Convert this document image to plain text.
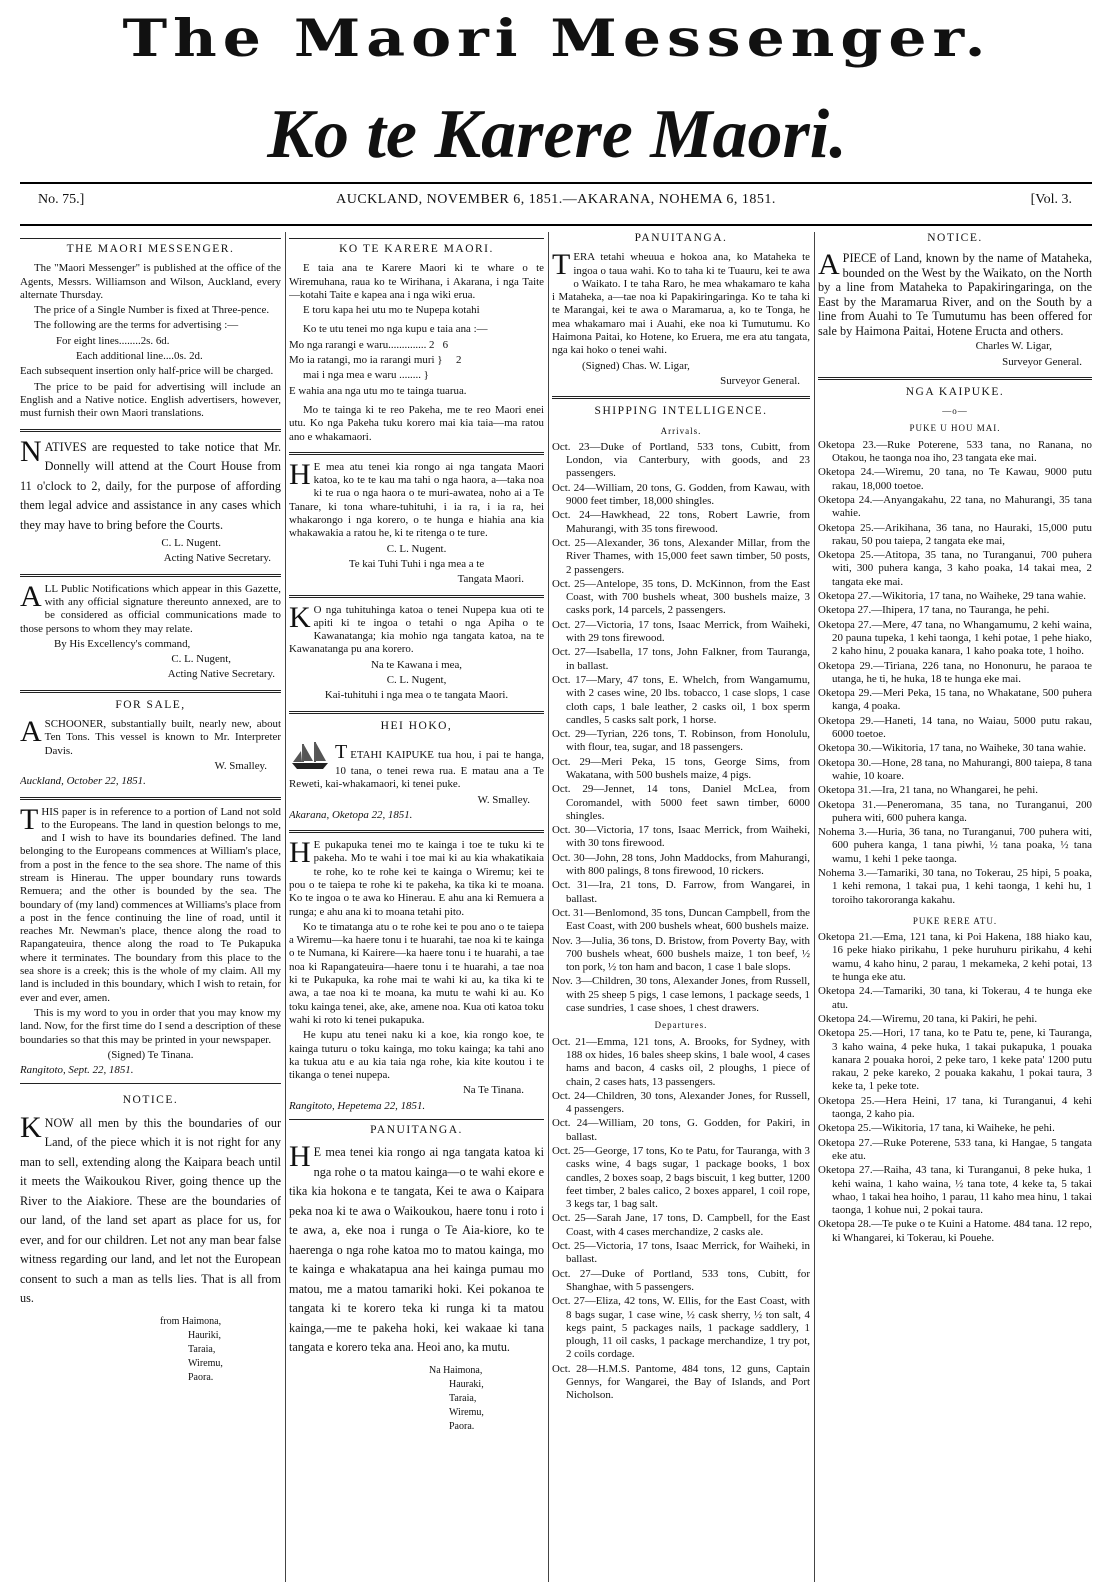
The Maori Messenger.
Ko te Karere Maori.
No. 75.]	AUCKLAND, NOVEMBER 6, 1851.—AKARANA, NOHEMA 6, 1851.	[Vol. 3.
THE MAORI MESSENGER.

The "Maori Messenger" is published at the office of the Agents, Messrs. Williamson and Wilson, Auckland, every alternate Thursday.

The price of a Single Number is fixed at Three-pence.

The following are the terms for advertising :—

For eight lines........2s. 6d.

Each additional line....0s. 2d.

Each subsequent insertion only half-price will be charged.

The price to be paid for advertising will include an English and a Native notice. English advertisers, however, must furnish their own Maori translations.

NATIVES are requested to take notice that Mr. Donnelly will attend at the Court House from 11 o'clock to 2, daily, for the purpose of affording them legal advice and assistance in any cases which they may have to bring before the Courts.

C. L. Nugent.

Acting Native Secretary.

ALL Public Notifications which appear in this Gazette, with any official signature thereunto annexed, are to be considered as official communications made to those persons to whom they may relate.

By His Excellency's command,

C. L. Nugent,

Acting Native Secretary.

FOR SALE,

ASCHOONER, substantially built, nearly new, about Ten Tons. This vessel is known to Mr. Interpreter Davis.

W. Smalley.

Auckland, October 22, 1851.

THIS paper is in reference to a portion of Land not sold to the Europeans. The land in question belongs to me, and I wish to have its boundaries defined. The land belonging to the Europeans commences at William's place, from a post in the fence to the sea shore. The name of this stream is Hinerau. The upper boundary runs towards Remuera; and the other is bounded by the sea. The boundary of (my land) commences at Williams's place from a post in the fence continuing the line of road, until it reaches Mr. Newman's place, thence along the road to Rapangateuira, thence along the road to Te Pukapuka where it terminates. The boundary from this place to the sea shore is a creek; this is the whole of my claim. All my land is included in this boundary, which I wish to retain, for ever and ever, amen.

This is my word to you in order that you may know my land. Now, for the first time do I send a description of these boundaries so that this may be printed in your newspaper.

(Signed) Te Tinana.

Rangitoto, Sept. 22, 1851.

NOTICE.

KNOW all men by this the boundaries of our Land, of the piece which it is not right for any man to sell, extending along the Kaipara beach until it meets the Waikoukou River, going thence up the River to the Aiakiore. These are the boundaries of our land, of the land set apart as place for us, for ever, and for our children. Let not any man bear false witness regarding our land, and let not the European consent to such a man as tells lies. That is all from us.

from Haimona,
Hauriki,
Taraia,
Wiremu,
Paora.
KO TE KARERE MAORI.

E taia ana te Karere Maori ki te whare o te Wiremuhana, raua ko te Wirihana, i Akarana, i nga Taite—kotahi Taite e kapea ana i nga wiki erua.

E toru kapa hei utu mo te Nupepa kotahi

Ko te utu tenei mo nga kupu e taia ana :—

Mo nga rarangi e waru.............. 2   6

Mo ia ratangi, mo ia rarangi muri }     2

mai i nga mea e waru ........ }

E wahia ana nga utu mo te tainga tuarua.

Mo te tainga ki te reo Pakeha, me te reo Maori enei utu. Ko nga Pakeha tuku korero mai kia taia—ma ratou ano e whakamaori.

H E mea atu tenei kia rongo ai nga tangata Maori katoa, ko te te kau ma tahi o nga haora, a—taka noa ki te rua o nga haora o te muri-awatea, noho ai a Te Tanare, ki tona whare-tuhituhi, i ia ra, i ia ra, hei whakarongo i nga korero, o te hunga e hiahia ana kia whakawakia a ratou he, ki te ritenga o te ture.

C. L. Nugent.

Te kai Tuhi Tuhi i nga mea a te

Tangata Maori.

K O nga tuhituhinga katoa o tenei Nupepa kua oti te apiti ki te ingoa o tetahi o nga Apiha o te Kawanatanga; kia mohio nga tangata katoa, na te Kawanatanga pu ana korero.

Na te Kawana i mea,

C. L. Nugent,

Kai-tuhituhi i nga mea o te tangata Maori.

HEI HOKO,

TETAHI KAIPUKE tua hou, i pai te hanga, 10 tana, o tenei rewa rua. E matau ana a Te Reweti, kai-whakamaori, ki tenei puke.

W. Smalley.

Akarana, Oketopa 22, 1851.

H E pukapuka tenei mo te kainga i toe te tuku ki te pakeha. Mo te wahi i toe mai ki au kia whakatikaia te rohe, ko te rohe kei te kainga o Wiremu; kei te pou o te taiepa te rohe ki te pakeha, ka tika ki te moana. Ko te ingoa o te awa ko Hinerau. E ahu ana ki Remuera a runga; e ahu ana ki to moana tetahi pito.

Ko te timatanga atu o te rohe kei te pou ano o te taiepa a Wiremu—ka haere tonu i te huarahi, tae noa ki te kainga o te Numana, ki Kairere—ka haere tonu i te huarahi, a tae noa ki Rapangateuira—haere tonu i te huarahi, a tae noa ki te Pukapuka, ka rohe mai te wahi ki au, ka tika ki te awa, a tae noa ki te moana, ka mutu te wahi ki au. Ko toku kainga tenei, ake, ake, amene noa. Kua oti katoa toku wahi ki roto ki tenei pukapuka.

He kupu atu tenei naku ki a koe, kia rongo koe, te kainga tuturu o toku kainga, mo toku kainga; ka tahi ano ka tukua atu e au kia taia nga rohe, kia kite koutou i te tikanga o tenei nupepa.

Na Te Tinana.

Rangitoto, Hepetema 22, 1851.

PANUITANGA.

H E mea tenei kia rongo ai nga tangata katoa ki nga rohe o ta matou kainga—o te wahi ekore e tika kia hokona e te tangata, Kei te awa o Kaipara peka noa ki te awa o Waikoukou, haere tonu i roto i te awa, a, eke noa i runga o Te Aia-kiore, ko te haerenga o nga rohe katoa mo to matou kainga, mo te kainga e whakatapua ana hei kainga pumau mo matou, me a matou tamariki hoki. Kei pokanoa te tangata ki te korero teka ki runga ki ta matou kainga,—me te pakeha hoki, kei wakaae ki tana tangata e korero teka ana. Heoi ano, ka mutu.

Na Haimona,
Hauraki,
Taraia,
Wiremu,
Paora.
PANUITANGA.

TERA tetahi wheuua e hokoa ana, ko Mataheka te ingoa o taua wahi. Ko to taha ki te Tuauru, kei te awa o Waikato. I te taha Raro, he mea whakamaro te kaha i Mataheka, a—tae noa ki Papakiringaringa. Ko te taha ki te Marangai, kei te awa o Maramarua, a, ko te Tonga, he mea whakamaro mai i Auahi, eke noa ki Tumutumu. Ko Haimona Paitai, ko Hotene, ko Eruera, me era atu tangata, nga kai hoko o tenei wahi.

(Signed) Chas. W. Ligar,

Surveyor General.

SHIPPING INTELLIGENCE.
Arrivals.

Oct. 23—Duke of Portland, 533 tons, Cubitt, from London, via Canterbury, with goods, and 23 passengers.

Oct. 24—William, 20 tons, G. Godden, from Kawau, with 9000 feet timber, 18,000 shingles.

Oct. 24—Hawkhead, 22 tons, Robert Lawrie, from Mahurangi, with 35 tons firewood.

Oct. 25—Alexander, 36 tons, Alexander Millar, from the River Thames, with 15,000 feet sawn timber, 50 posts, 2 passengers.

Oct. 25—Antelope, 35 tons, D. McKinnon, from the East Coast, with 700 bushels wheat, 300 bushels maize, 3 casks pork, 14 parcels, 2 passengers.

Oct. 27—Victoria, 17 tons, Isaac Merrick, from Waiheki, with 29 tons firewood.

Oct. 27—Isabella, 17 tons, John Falkner, from Tauranga, in ballast.

Oct. 17—Mary, 47 tons, E. Whelch, from Wangamumu, with 2 cases wine, 20 lbs. tobacco, 1 case slops, 1 case cloth caps, 1 bale leather, 2 casks oil, 1 box sperm candles, 5 casks salt pork, 1 horse.

Oct. 29—Tyrian, 226 tons, T. Robinson, from Honolulu, with flour, tea, sugar, and 18 passengers.

Oct. 29—Meri Peka, 15 tons, George Sims, from Wakatana, with 500 bushels maize, 4 pigs.

Oct. 29—Jennet, 14 tons, Daniel McLea, from Coromandel, with 5000 feet sawn timber, 6000 shingles.

Oct. 30—Victoria, 17 tons, Isaac Merrick, from Waiheki, with 30 tons firewood.

Oct. 30—John, 28 tons, John Maddocks, from Mahurangi, with 800 palings, 8 tons firewood, 10 rickers.

Oct. 31—Ira, 21 tons, D. Farrow, from Wangarei, in ballast.

Oct. 31—Benlomond, 35 tons, Duncan Campbell, from the East Coast, with 200 bushels wheat, 600 bushels maize.

Nov. 3—Julia, 36 tons, D. Bristow, from Poverty Bay, with 700 bushels wheat, 600 bushels maize, 1 ton beef, ½ ton pork, ½ ton ham and bacon, 1 case 1 bale slops.

Nov. 3—Children, 30 tons, Alexander Jones, from Russell, with 25 sheep 5 pigs, 1 case lemons, 1 package seeds, 1 case sundries, 1 case shoes, 1 chest drawers.

Departures.

Oct. 21—Emma, 121 tons, A. Brooks, for Sydney, with 188 ox hides, 16 bales sheep skins, 1 bale wool, 4 cases hams and bacon, 4 casks oil, 2 ploughs, 1 piece of chain, 2 cases hats, 13 passengers.

Oct. 24—Children, 30 tons, Alexander Jones, for Russell, 4 passengers.

Oct. 24—William, 20 tons, G. Godden, for Pakiri, in ballast.

Oct. 25—George, 17 tons, Ko te Patu, for Tauranga, with 3 casks wine, 4 bags sugar, 1 package books, 1 box candles, 2 boxes soap, 2 bags biscuit, 1 keg butter, 1200 feet timber, 2 bales calico, 2 boxes apparel, 1 coil rope, 3 kegs tar, 1 bag salt.

Oct. 25—Sarah Jane, 17 tons, D. Campbell, for the East Coast, with 4 cases merchandize, 2 casks ale.

Oct. 25—Victoria, 17 tons, Isaac Merrick, for Waiheki, in ballast.

Oct. 27—Duke of Portland, 533 tons, Cubitt, for Shanghae, with 5 passengers.

Oct. 27—Eliza, 42 tons, W. Ellis, for the East Coast, with 8 bags sugar, 1 case wine, ½ cask sherry, ½ ton salt, 4 kegs paint, 5 packages nails, 1 package saddlery, 1 plough, 11 oil casks, 1 package merchandize, 1 try pot, 2 coils cordage.

Oct. 28—H.M.S. Pantome, 484 tons, 12 guns, Captain Gennys, for Wangarei, the Bay of Islands, and Port Nicholson.

NOTICE.

APIECE of Land, known by the name of Mataheka, bounded on the West by the Waikato, on the North by a line from Mataheka to Papakiringaringa, on the East by the Maramarua River, and on the South by a line from Auahi to Te Tumutumu has been offered for sale by Haimona Paitai, Hotene Eructa and others.

Charles W. Ligar,

Surveyor General.

NGA KAIPUKE.
—o—
PUKE U HOU MAI.

Oketopa 23.—Ruke Poterene, 533 tana, no Ranana, no Otakou, he taonga noa iho, 23 tangata eke mai.

Oketopa 24.—Wiremu, 20 tana, no Te Kawau, 9000 putu rakau, 18,000 toetoe.

Oketopa 24.—Anyangakahu, 22 tana, no Mahurangi, 35 tana wahie.

Oketopa 25.—Arikihana, 36 tana, no Hauraki, 15,000 putu rakau, 50 pou taiepa, 2 tangata eke mai,

Oketopa 25.—Atitopa, 35 tana, no Turanganui, 700 puhera witi, 300 puhera kanga, 3 kaho poaka, 14 takai mea, 2 tangata eke mai.

Oketopa 27.—Wikitoria, 17 tana, no Waiheke, 29 tana wahie.

Oketopa 27.—Ihipera, 17 tana, no Tauranga, he pehi.

Oketopa 27.—Mere, 47 tana, no Whangamumu, 2 kehi waina, 20 pauna tupeka, 1 kehi taonga, 1 kehi potae, 1 pehe hiako, 2 kaho hinu, 2 pouaka kanara, 1 kaho poaka tote, 1 hoiho.

Oketopa 29.—Tiriana, 226 tana, no Hononuru, he paraoa te utanga, he ti, he huka, 18 te hunga eke mai.

Oketopa 29.—Meri Peka, 15 tana, no Whakatane, 500 puhera kanga, 4 poaka.

Oketopa 29.—Haneti, 14 tana, no Waiau, 5000 putu rakau, 6000 toetoe.

Oketopa 30.—Wikitoria, 17 tana, no Waiheke, 30 tana wahie.

Oketopa 30.—Hone, 28 tana, no Mahurangi, 800 taiepa, 8 tana wahie, 10 koare.

Oketopa 31.—Ira, 21 tana, no Whangarei, he pehi.

Oketopa 31.—Peneromana, 35 tana, no Turanganui, 200 puhera witi, 600 puhera kanga.

Nohema 3.—Huria, 36 tana, no Turanganui, 700 puhera witi, 600 puhera kanga, 1 tana piwhi, ½ tana poaka, ½ tana wamu, 1 kehi 1 peke taonga.

Nohema 3.—Tamariki, 30 tana, no Tokerau, 25 hipi, 5 poaka, 1 kehi remona, 1 takai pua, 1 kehi taonga, 1 kehi hu, 1 toroiho takororanga kakahu.

PUKE RERE ATU.

Oketopa 21.—Ema, 121 tana, ki Poi Hakena, 188 hiako kau, 16 peke hiako pirikahu, 1 peke huruhuru pirikahu, 4 kehi wamu, 4 kaho hinu, 2 parau, 1 mekameka, 2 kehi potai, 13 te hunga eke atu.

Oketopa 24.—Tamariki, 30 tana, ki Tokerau, 4 te hunga eke atu.

Oketopa 24.—Wiremu, 20 tana, ki Pakiri, he pehi.

Oketopa 25.—Hori, 17 tana, ko te Patu te, pene, ki Tauranga, 3 kaho waina, 4 peke huka, 1 takai pukapuka, 1 pouaka kanara 2 pouaka horoi, 2 peke taro, 1 keke pata' 1200 putu rakau, 2 peke kareko, 2 pouaka kakahu, 1 pokai taura, 3 keke ta, 1 peke tote.

Oketopa 25.—Hera Heini, 17 tana, ki Turanganui, 4 kehi taonga, 2 kaho pia.

Oketopa 25.—Wikitoria, 17 tana, ki Waiheke, he pehi.

Oketopa 27.—Ruke Poterene, 533 tana, ki Hangae, 5 tangata eke atu.

Oketopa 27.—Raiha, 43 tana, ki Turanganui, 8 peke huka, 1 kehi waina, 1 kaho waina, ½ tana tote, 4 keke ta, 5 takai whao, 1 takai hea hoiho, 1 parau, 11 kaho mea hinu, 1 takai taonga, 1 kohue nui, 2 pokai taura.

Oketopa 28.—Te puke o te Kuini a Hatome. 484 tana. 12 repo, ki Whangarei, ki Tokerau, ki Pouehe.
